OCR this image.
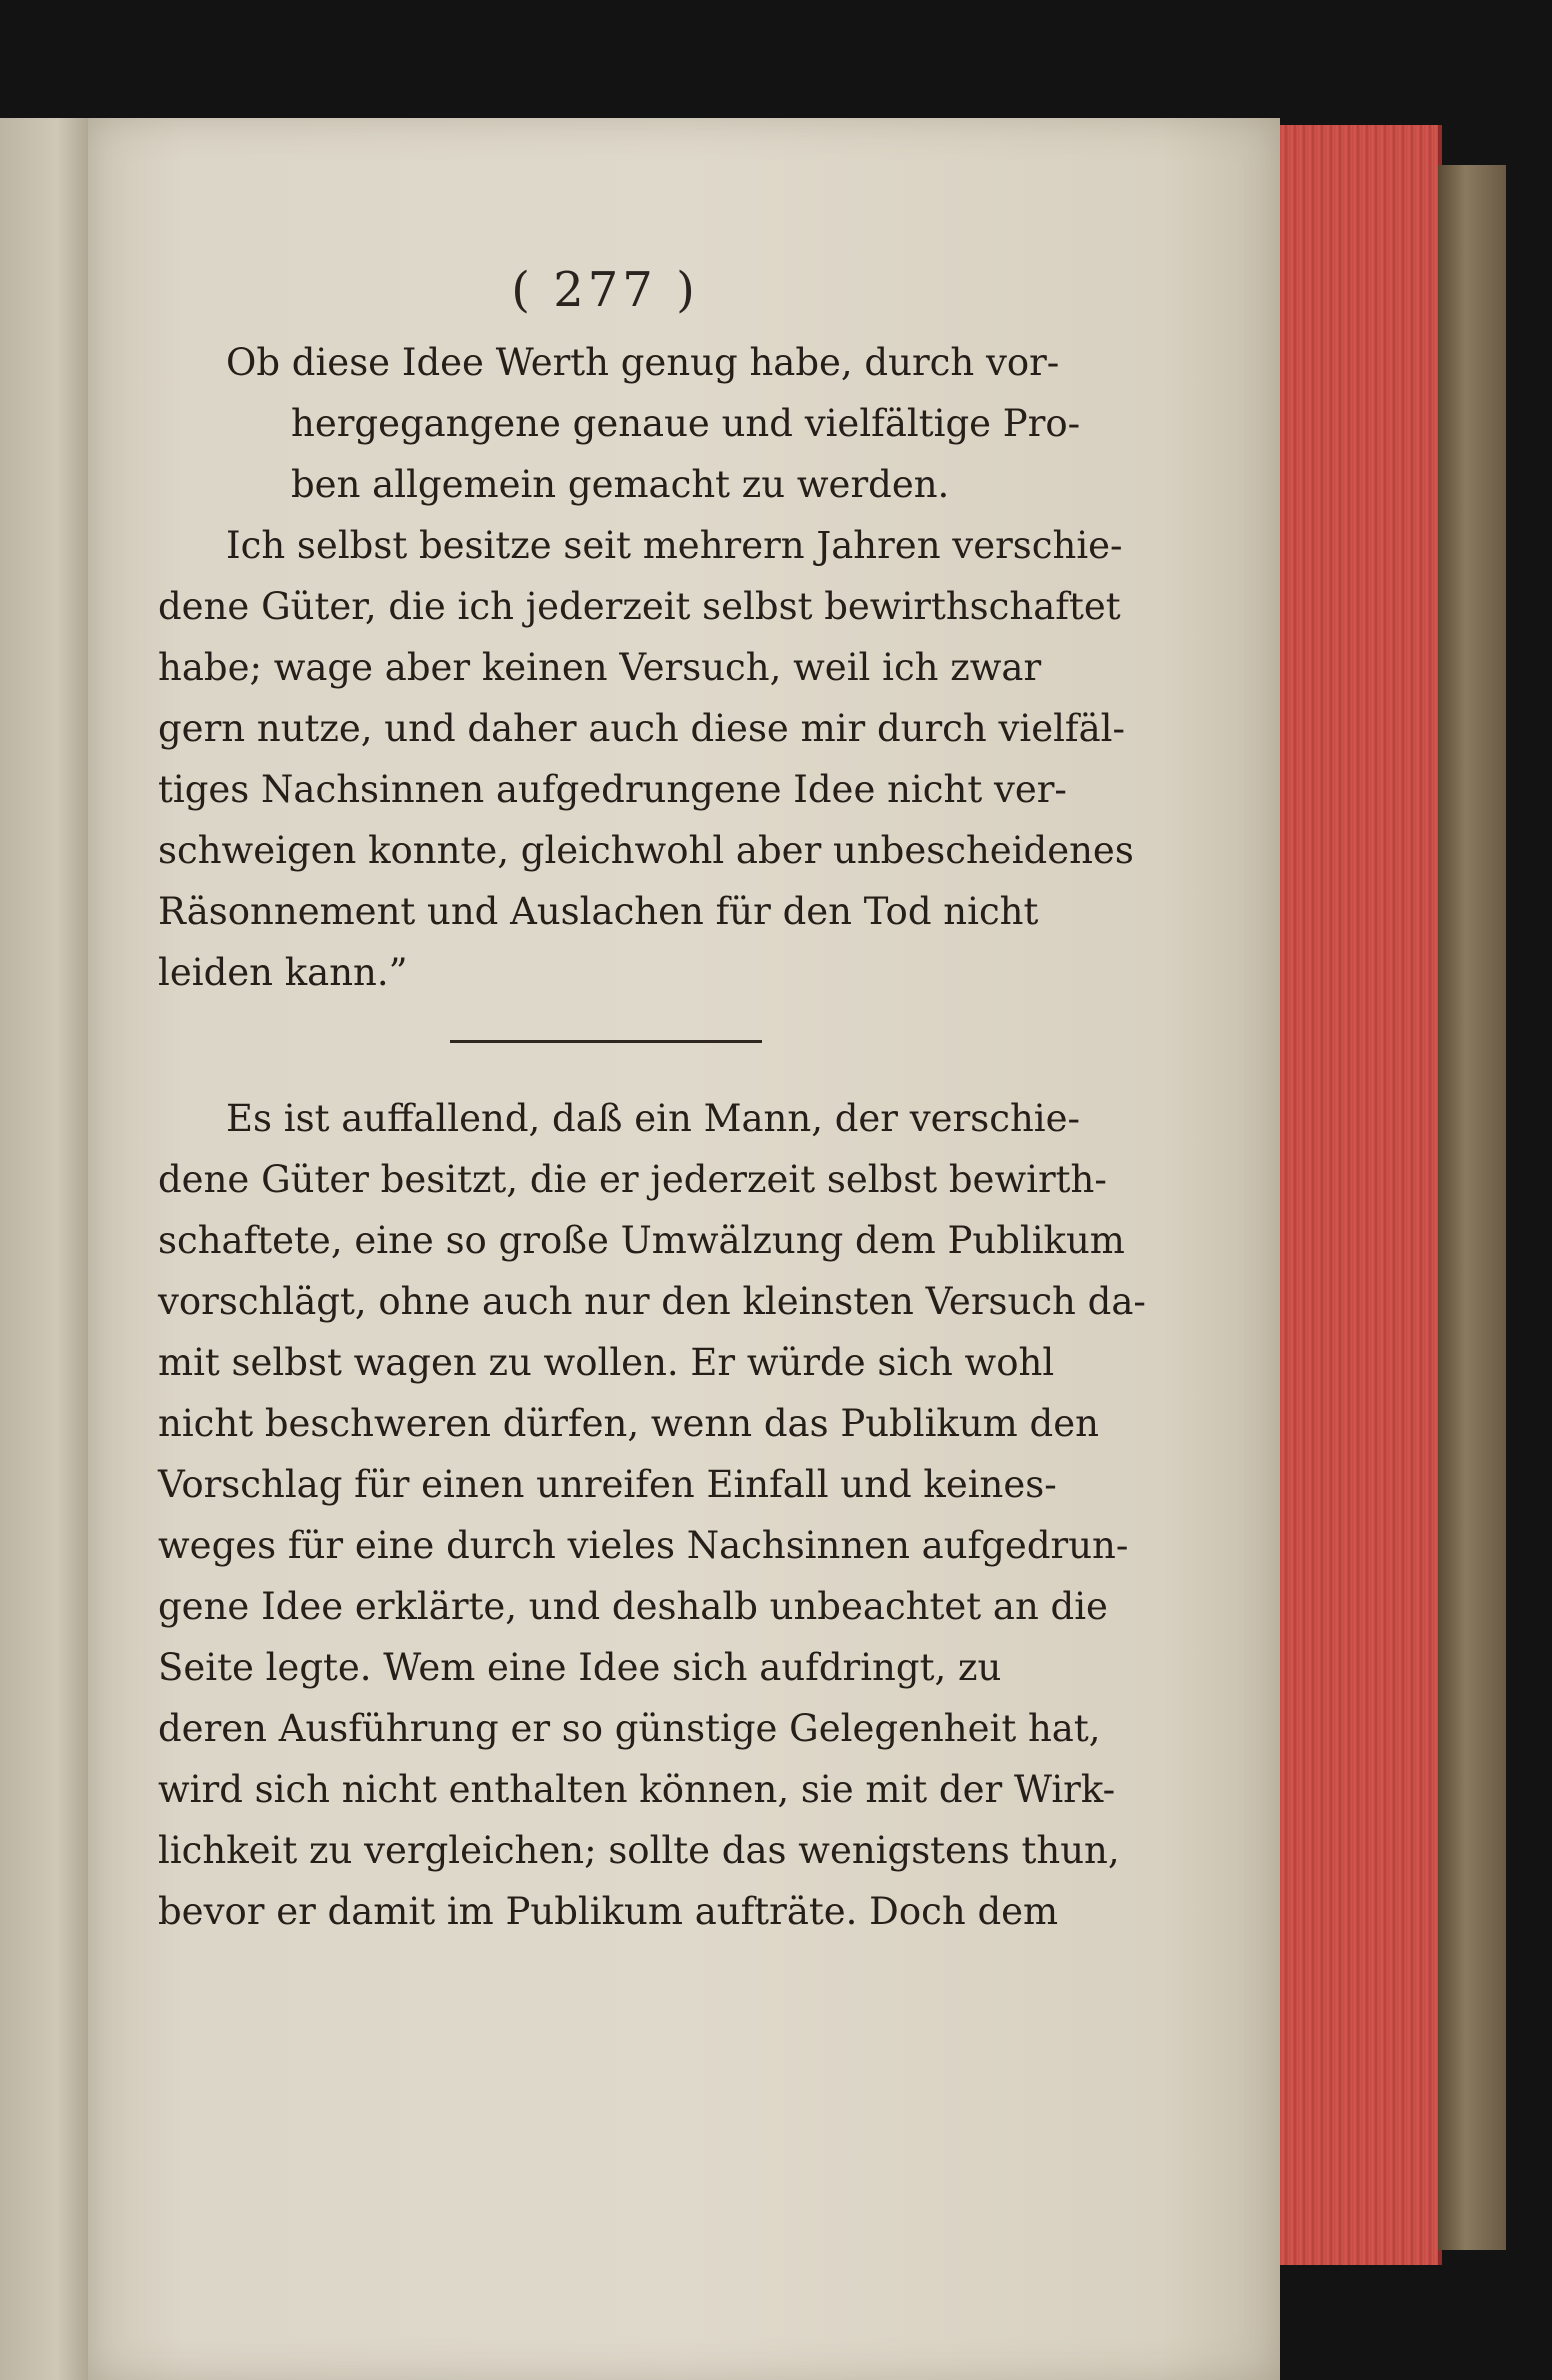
( 277 )
Ob diese Idee Werth genug habe, durch vor-
hergegangene genaue und vielfältige Pro-
ben allgemein gemacht zu werden.
Ich selbst besitze seit mehrern Jahren verschie-
dene Güter, die ich jederzeit selbst bewirthschaftet
habe; wage aber keinen Versuch, weil ich zwar
gern nutze, und daher auch diese mir durch vielfäl-
tiges Nachsinnen aufgedrungene Idee nicht ver-
schweigen konnte, gleichwohl aber unbescheidenes
Räsonnement und Auslachen für den Tod nicht
leiden kann.”
Es ist auffallend, daß ein Mann, der verschie-
dene Güter besitzt, die er jederzeit selbst bewirth-
schaftete, eine so große Umwälzung dem Publikum
vorschlägt, ohne auch nur den kleinsten Versuch da-
mit selbst wagen zu wollen. Er würde sich wohl
nicht beschweren dürfen, wenn das Publikum den
Vorschlag für einen unreifen Einfall und keines-
weges für eine durch vieles Nachsinnen aufgedrun-
gene Idee erklärte, und deshalb unbeachtet an die
Seite legte. Wem eine Idee sich aufdringt, zu
deren Ausführung er so günstige Gelegenheit hat,
wird sich nicht enthalten können, sie mit der Wirk-
lichkeit zu vergleichen; sollte das wenigstens thun,
bevor er damit im Publikum aufträte. Doch dem
